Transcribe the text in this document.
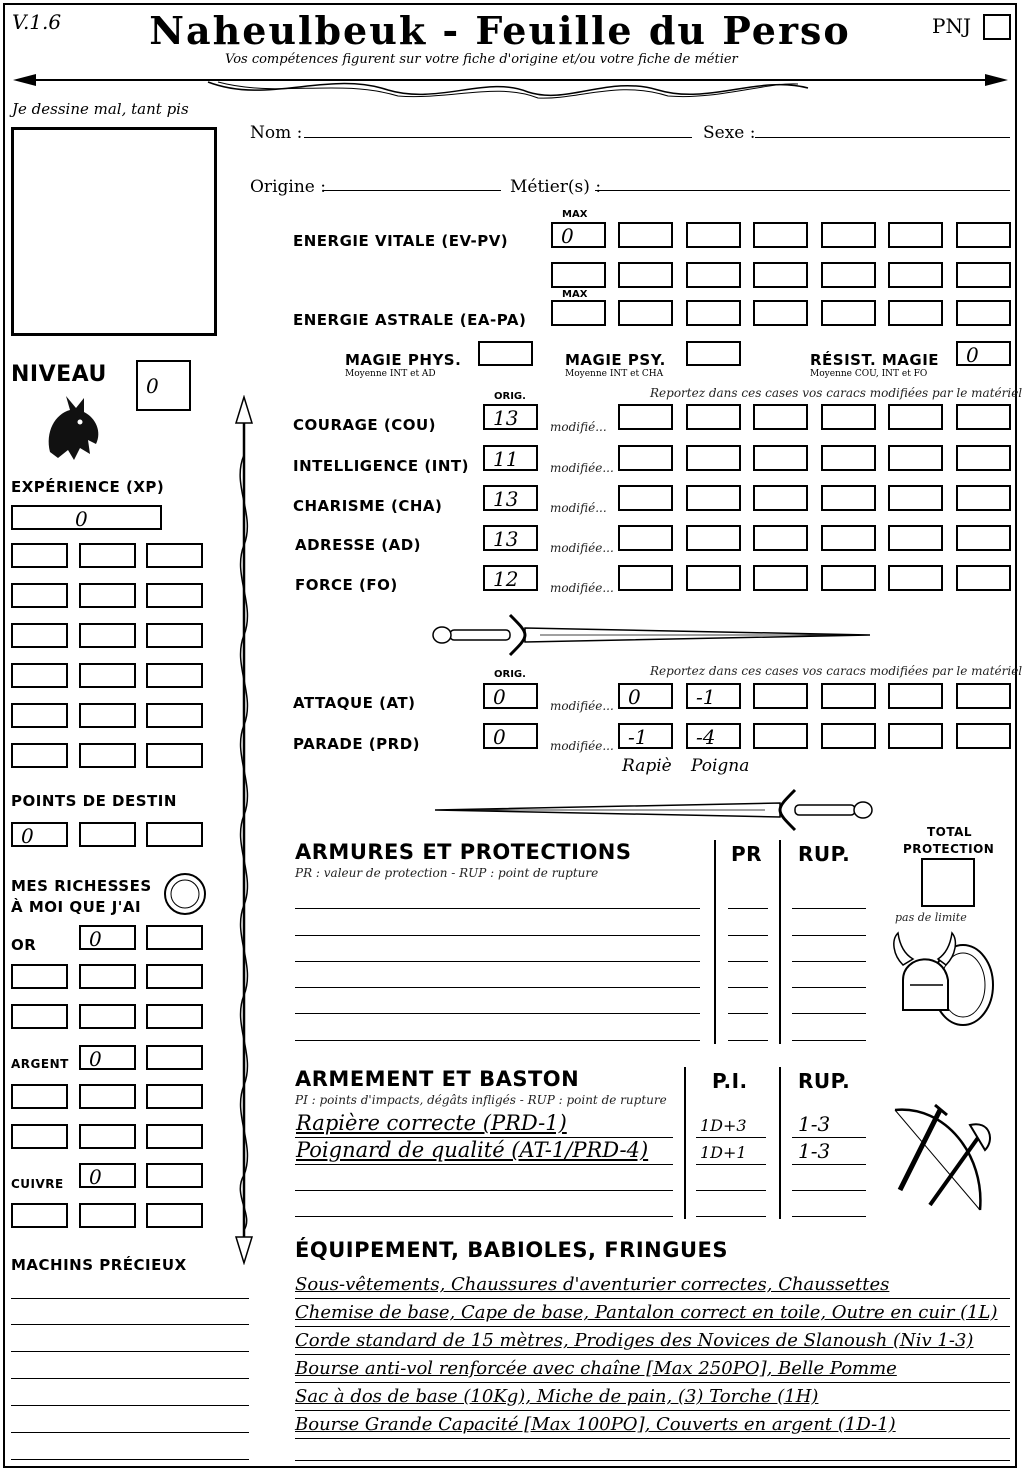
V.1.6 Naheulbeuk - Feuille du Perso
Vos compétences figurent sur votre fiche d'origine et/ou votre fiche de métier
PNJ
Je dessine mal, tant pis
Nom :	Sexe :
Origine :	Métier(s) :
MAX
ENERGIE VITALE (EV-PV)	0
MAX
ENERGIE ASTRALE (EA-PA)
MAGIE PHYS.
Moyenne INT et AD
MAGIE PSY.
Moyenne INT et CHA
RÉSIST. MAGIE
Moyenne COU, INT et FO
0
NIVEAU	0
EXPÉRIENCE (XP)
0
POINTS DE DESTIN
0
MES RICHESSES
À MOI QUE J'AI
OR	0
ARGENT	0
CUIVRE	0
MACHINS PRÉCIEUX
ORIG.	Reportez dans ces cases vos caracs modifiées par le matériel
COURAGE (COU)	13	modifié...
INTELLIGENCE (INT)	11	modifiée...
CHARISME (CHA)	13	modifié...
ADRESSE (AD)	13	modifiée...
FORCE (FO)	12	modifiée...
ORIG.	Reportez dans ces cases vos caracs modifiées par le matériel
ATTAQUE (AT)	0	modifiée... 0	-1
PARADE (PRD)	0	modifiée... -1	-4
Rapiè Poigna
ARMURES ET PROTECTIONS
PR : valeur de protection - RUP : point de rupture
PR RUP.
TOTAL
PROTECTION
pas de limite
ARMEMENT ET BASTON
PI : points d'impacts, dégâts infligés - RUP : point de rupture
P.I.	RUP.
Rapière correcte (PRD-1)	1D+3	1-3
Poignard de qualité (AT-1/PRD-4)	1D+1	1-3
ÉQUIPEMENT, BABIOLES, FRINGUES
Sous-vêtements, Chaussures d'aventurier correctes, Chaussettes
Chemise de base, Cape de base, Pantalon correct en toile, Outre en cuir (1L)
Corde standard de 15 mètres, Prodiges des Novices de Slanoush (Niv 1-3)
Bourse anti-vol renforcée avec chaîne [Max 250PO], Belle Pomme
Sac à dos de base (10Kg), Miche de pain, (3) Torche (1H)
Bourse Grande Capacité [Max 100PO], Couverts en argent (1D-1)
